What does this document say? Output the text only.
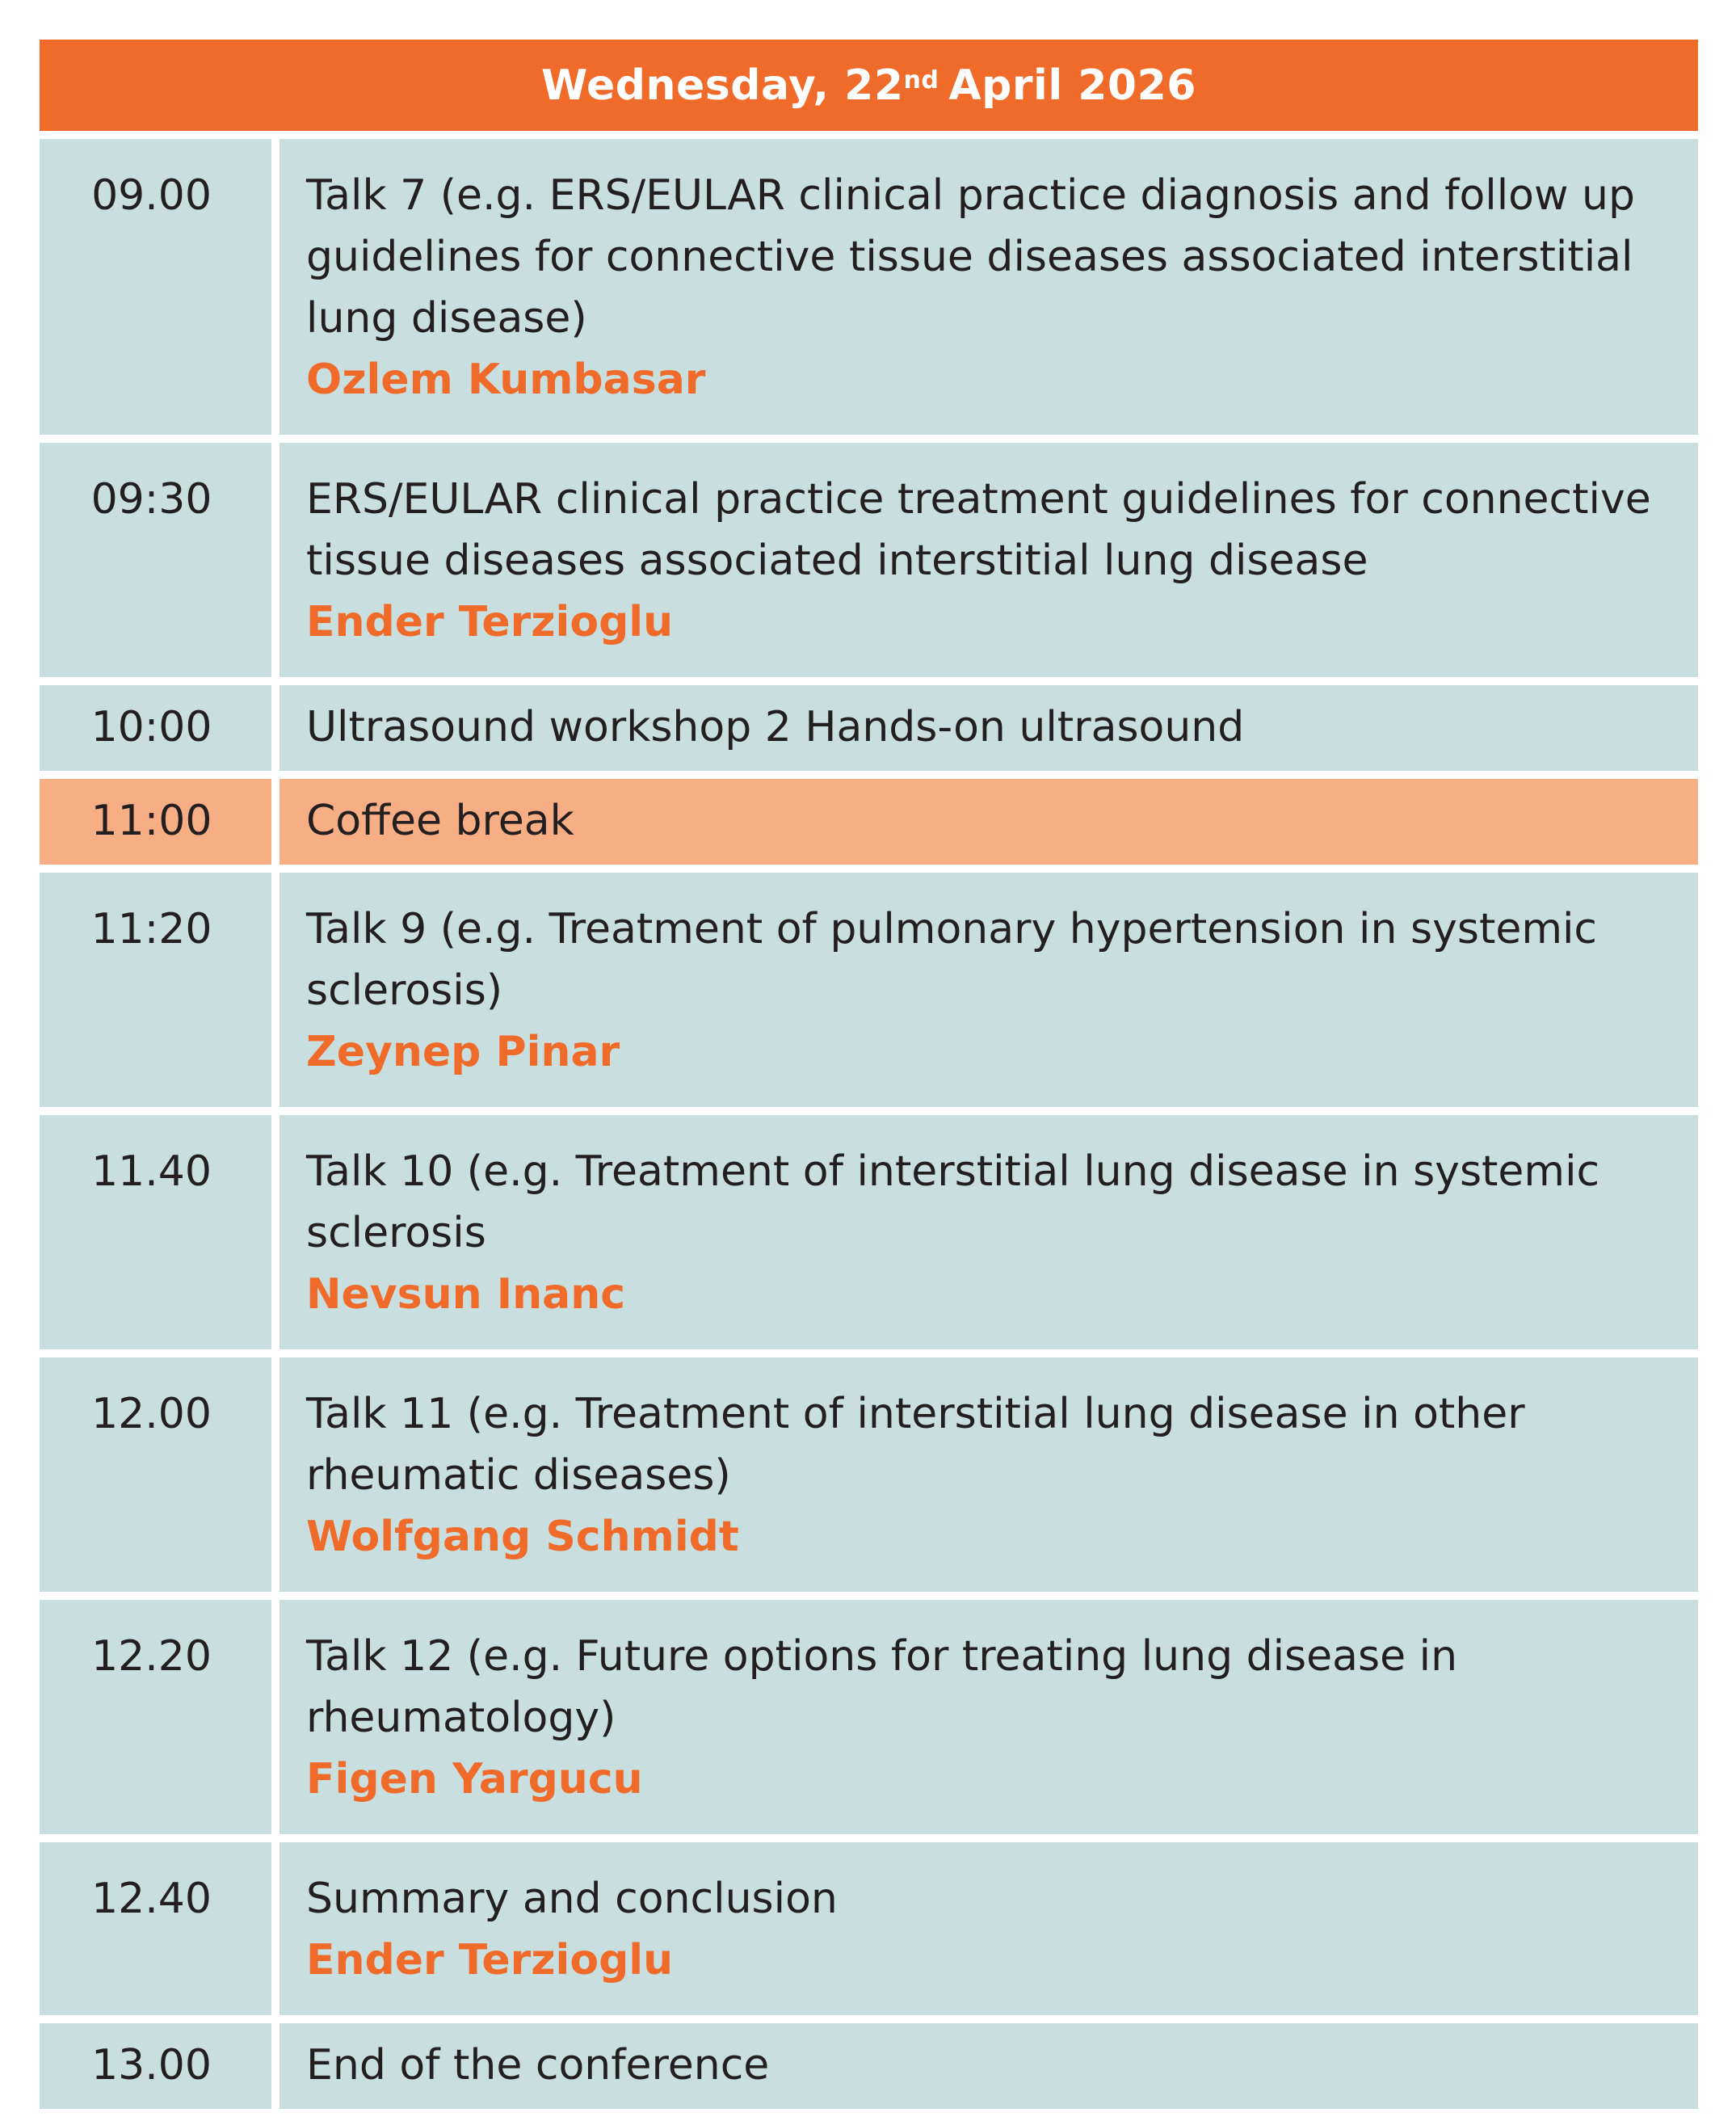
Wednesday, 22nd April 2026
09.00	Talk 7 (e.g. ERS/EULAR clinical practice diagnosis and follow up guidelines for connective tissue diseases associated interstitial lung disease)
Ozlem Kumbasar
09:30	ERS/EULAR clinical practice treatment guidelines for connective tissue diseases associated interstitial lung disease
Ender Terzioglu
10:00	Ultrasound workshop 2 Hands-on ultrasound
11:00	Coffee break
11:20	Talk 9 (e.g. Treatment of pulmonary hypertension in systemic sclerosis)
Zeynep Pinar
11.40	Talk 10 (e.g. Treatment of interstitial lung disease in systemic sclerosis
Nevsun Inanc
12.00	Talk 11 (e.g. Treatment of interstitial lung disease in other rheumatic diseases)
Wolfgang Schmidt
12.20	Talk 12 (e.g. Future options for treating lung disease in rheumatology)
Figen Yargucu
12.40	Summary and conclusion
Ender Terzioglu
13.00	End of the conference
